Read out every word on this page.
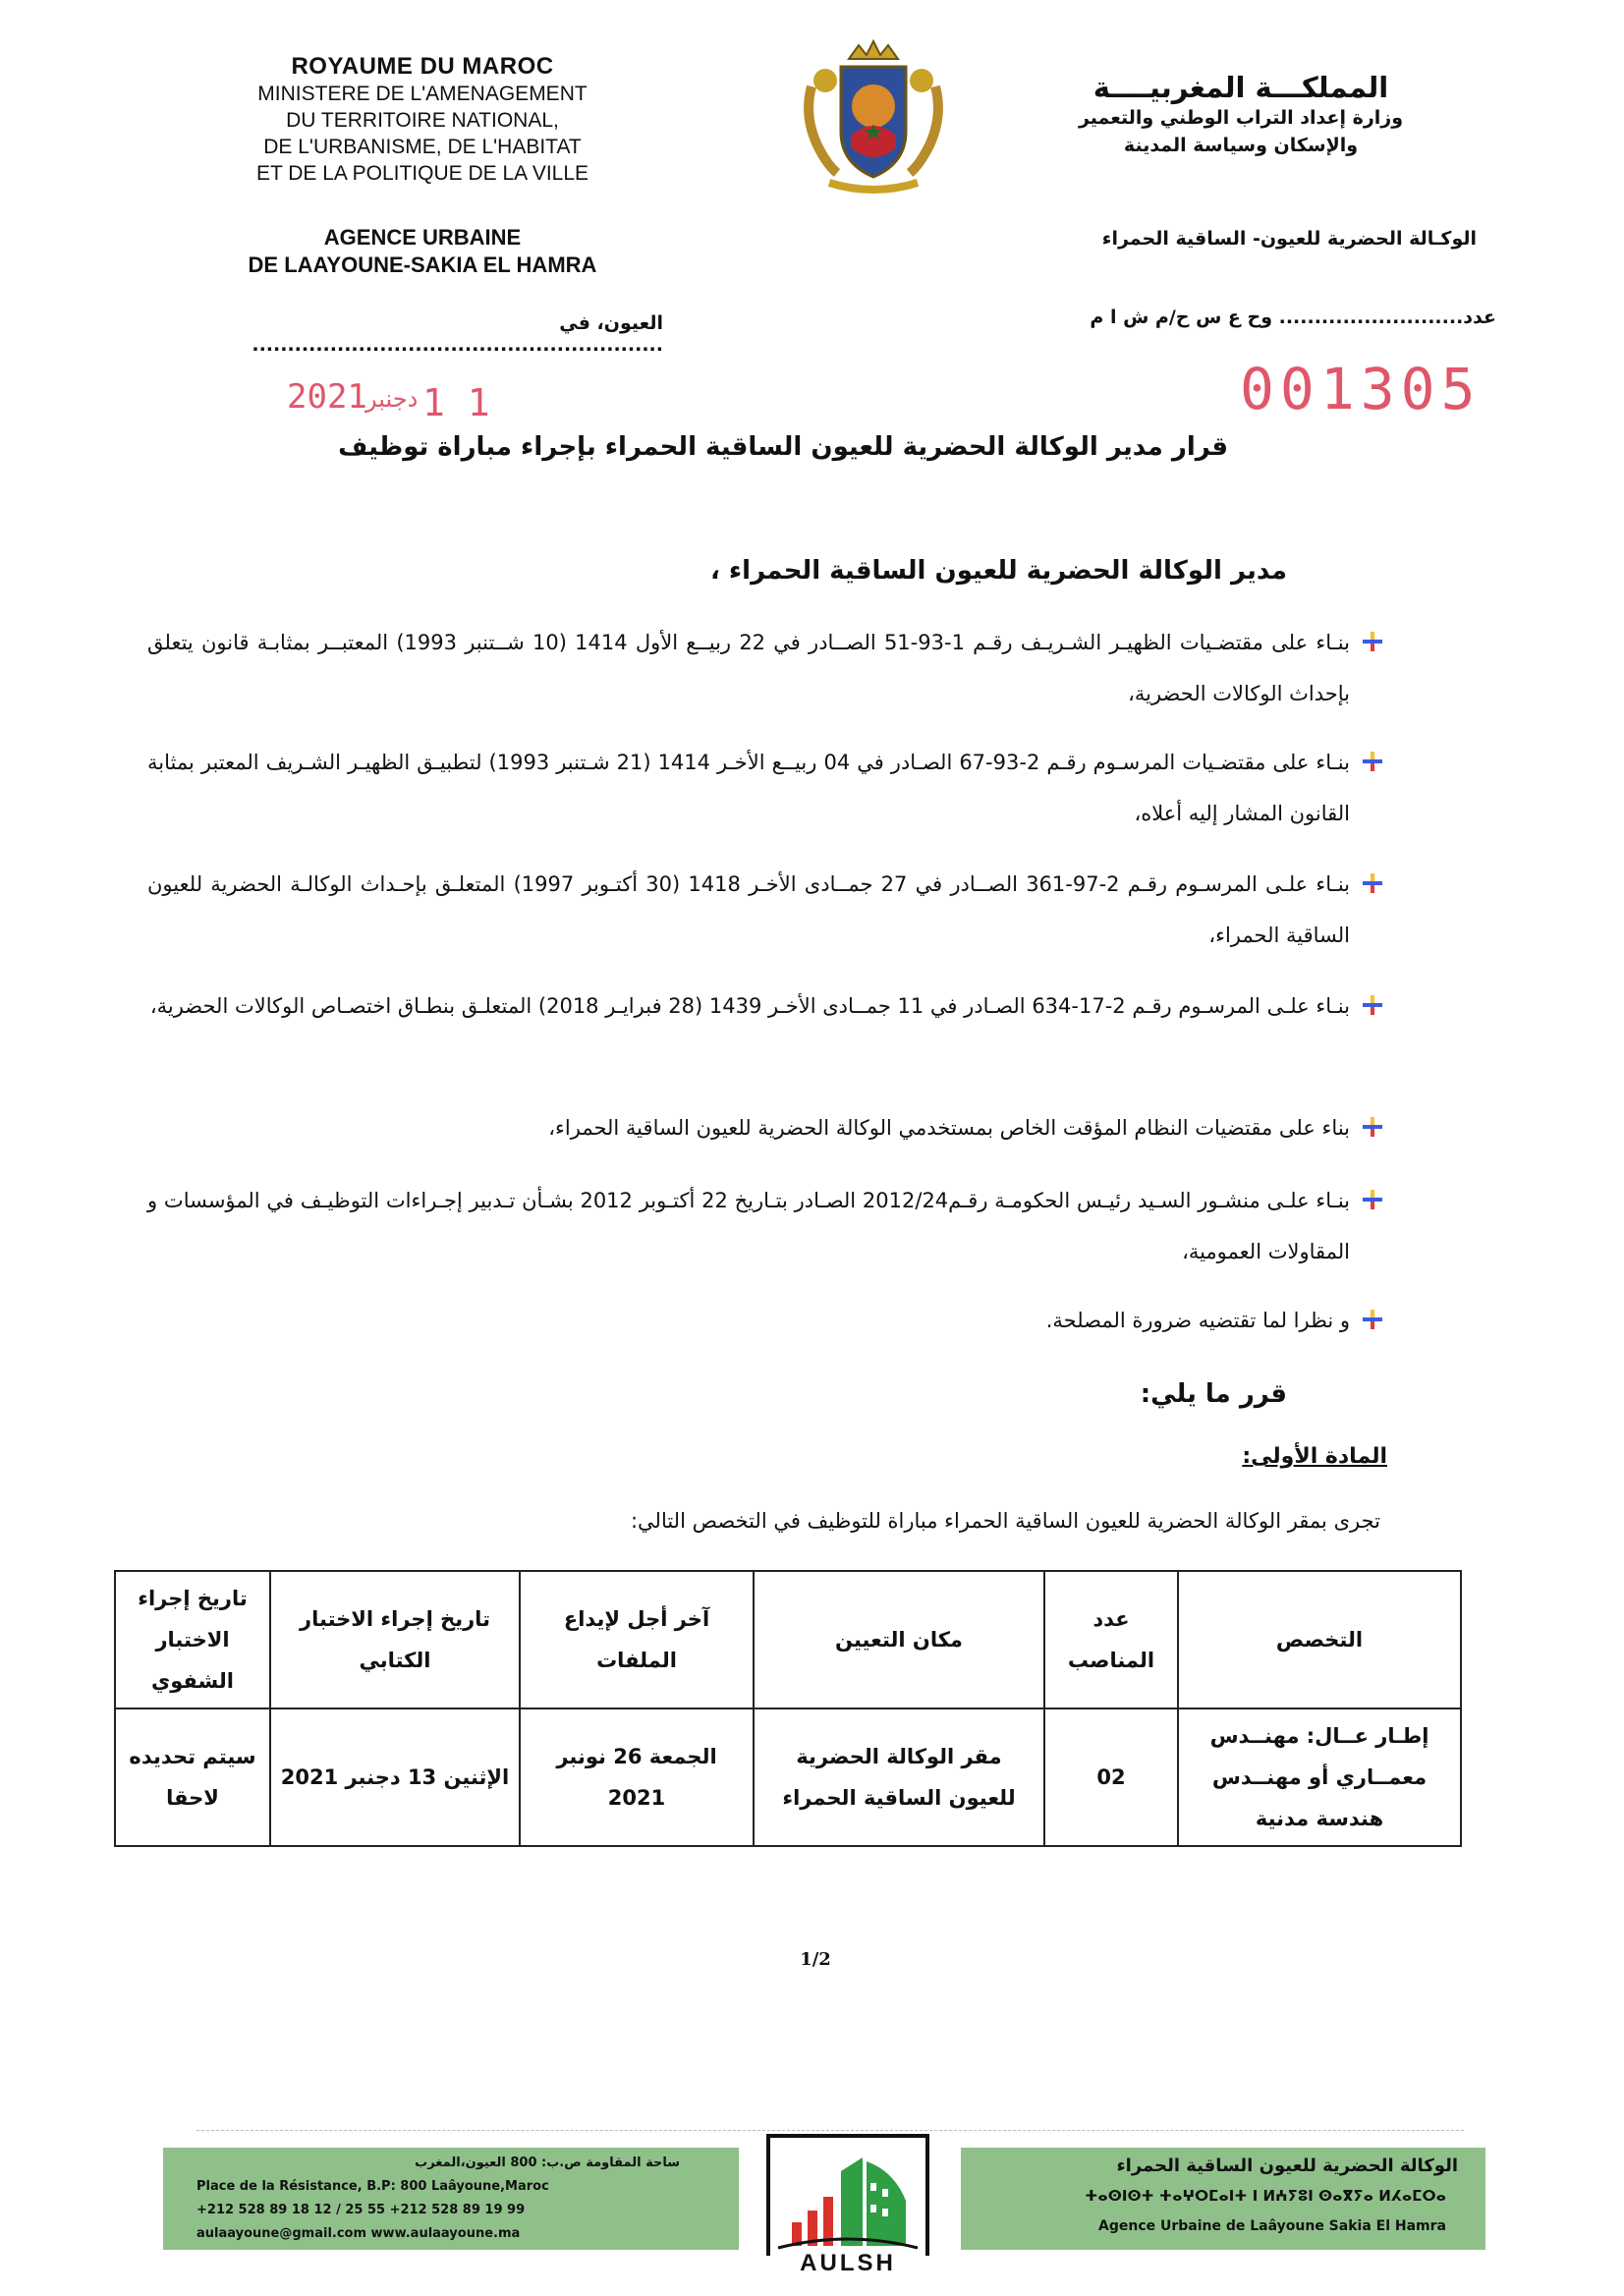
ROYAUME DU MAROC
MINISTERE DE L'AMENAGEMENT
DU TERRITOIRE NATIONAL,
DE L'URBANISME, DE L'HABITAT
ET DE LA POLITIQUE DE LA VILLE
AGENCE URBAINE
DE LAAYOUNE-SAKIA EL HAMRA
المملكـــة المغربيــــة
وزارة إعداد التراب الوطني والتعمير
والإسكان وسياسة المدينة
الوكـالة الحضرية للعيون- الساقية الحمراء
عدد.......................... وح ع س ح/م ش ا م
العيون، في ..........................................................
001305
2021
دجنبر 1 1
قرار مدير الوكالة الحضرية للعيون الساقية الحمراء بإجراء مباراة توظيف
مدير الوكالة الحضرية للعيون الساقية الحمراء ،
بنـاء على مقتضـيات الظهيـر الشـريـف رقـم 1-93-51 الصــادر في 22 ربيــع الأول 1414 (10 شــتنبر 1993) المعتبــر بمثابـة قانون يتعلق بإحداث الوكالات الحضرية،
بنـاء على مقتضـيات المرسـوم رقـم 2-93-67 الصـادر في 04 ربيــع الأخـر 1414 (21 شـتنبر 1993) لتطبيـق الظهيـر الشـريف المعتبر بمثابة القانون المشار إليه أعلاه،
بنـاء علـى المرسـوم رقـم 2-97-361 الصــادر في 27 جمــادى الأخـر 1418 (30 أكتـوبر 1997) المتعلـق بإحـداث الوكالـة الحضرية للعيون الساقية الحمراء،
بنـاء علـى المرسـوم رقـم 2-17-634 الصـادر في 11 جمــادى الأخـر 1439 (28 فبرايـر 2018) المتعلـق بنطـاق اختصـاص الوكالات الحضرية،
بناء على مقتضيات النظام المؤقت الخاص بمستخدمي الوكالة الحضرية للعيون الساقية الحمراء،
بنـاء علـى منشـور السـيد رئيـس الحكومـة رقـم2012/24 الصـادر بتـاريخ 22 أكتـوبر 2012 بشـأن تـدبير إجـراءات التوظيـف في المؤسسات و المقاولات العمومية،
و نظرا لما تقتضيه ضرورة المصلحة.
قرر ما يلي:
المادة الأولى:
تجرى بمقر الوكالة الحضرية للعيون الساقية الحمراء مباراة للتوظيف في التخصص التالي:
التخصص	عدد المناصب	مكان التعيين	آخر أجل لإيداع الملفات	تاريخ إجراء الاختبار الكتابي	تاريخ إجراء الاختبار الشفوي
إطـار عــال: مهنــدس معمــاري أو مهنــدس هندسة مدنية	02	مقر الوكالة الحضرية للعيون الساقية الحمراء	الجمعة 26 نونبر 2021	الإثنين 13 دجنبر 2021	سيتم تحديده لاحقا
1/2
ساحة المقاومة ص.ب: 800 العيون،المغرب
Place de la Résistance, B.P: 800 Laâyoune,Maroc
+212 528 89 18 12 / 25 55 +212 528 89 19 99
aulaayoune@gmail.com www.aulaayoune.ma
AULSH
الوكالة الحضرية للعيون الساقية الحمراء
ⵜⴰⵙⵏⵙⵜ ⵜⴰⵖⵔⵎⴰⵏⵜ ⵏ ⵍⵄⵢⵓⵏ ⵙⴰⴳⵢⴰ ⵍⵃⴰⵎⵔⴰ
Agence Urbaine de Laâyoune Sakia El Hamra
